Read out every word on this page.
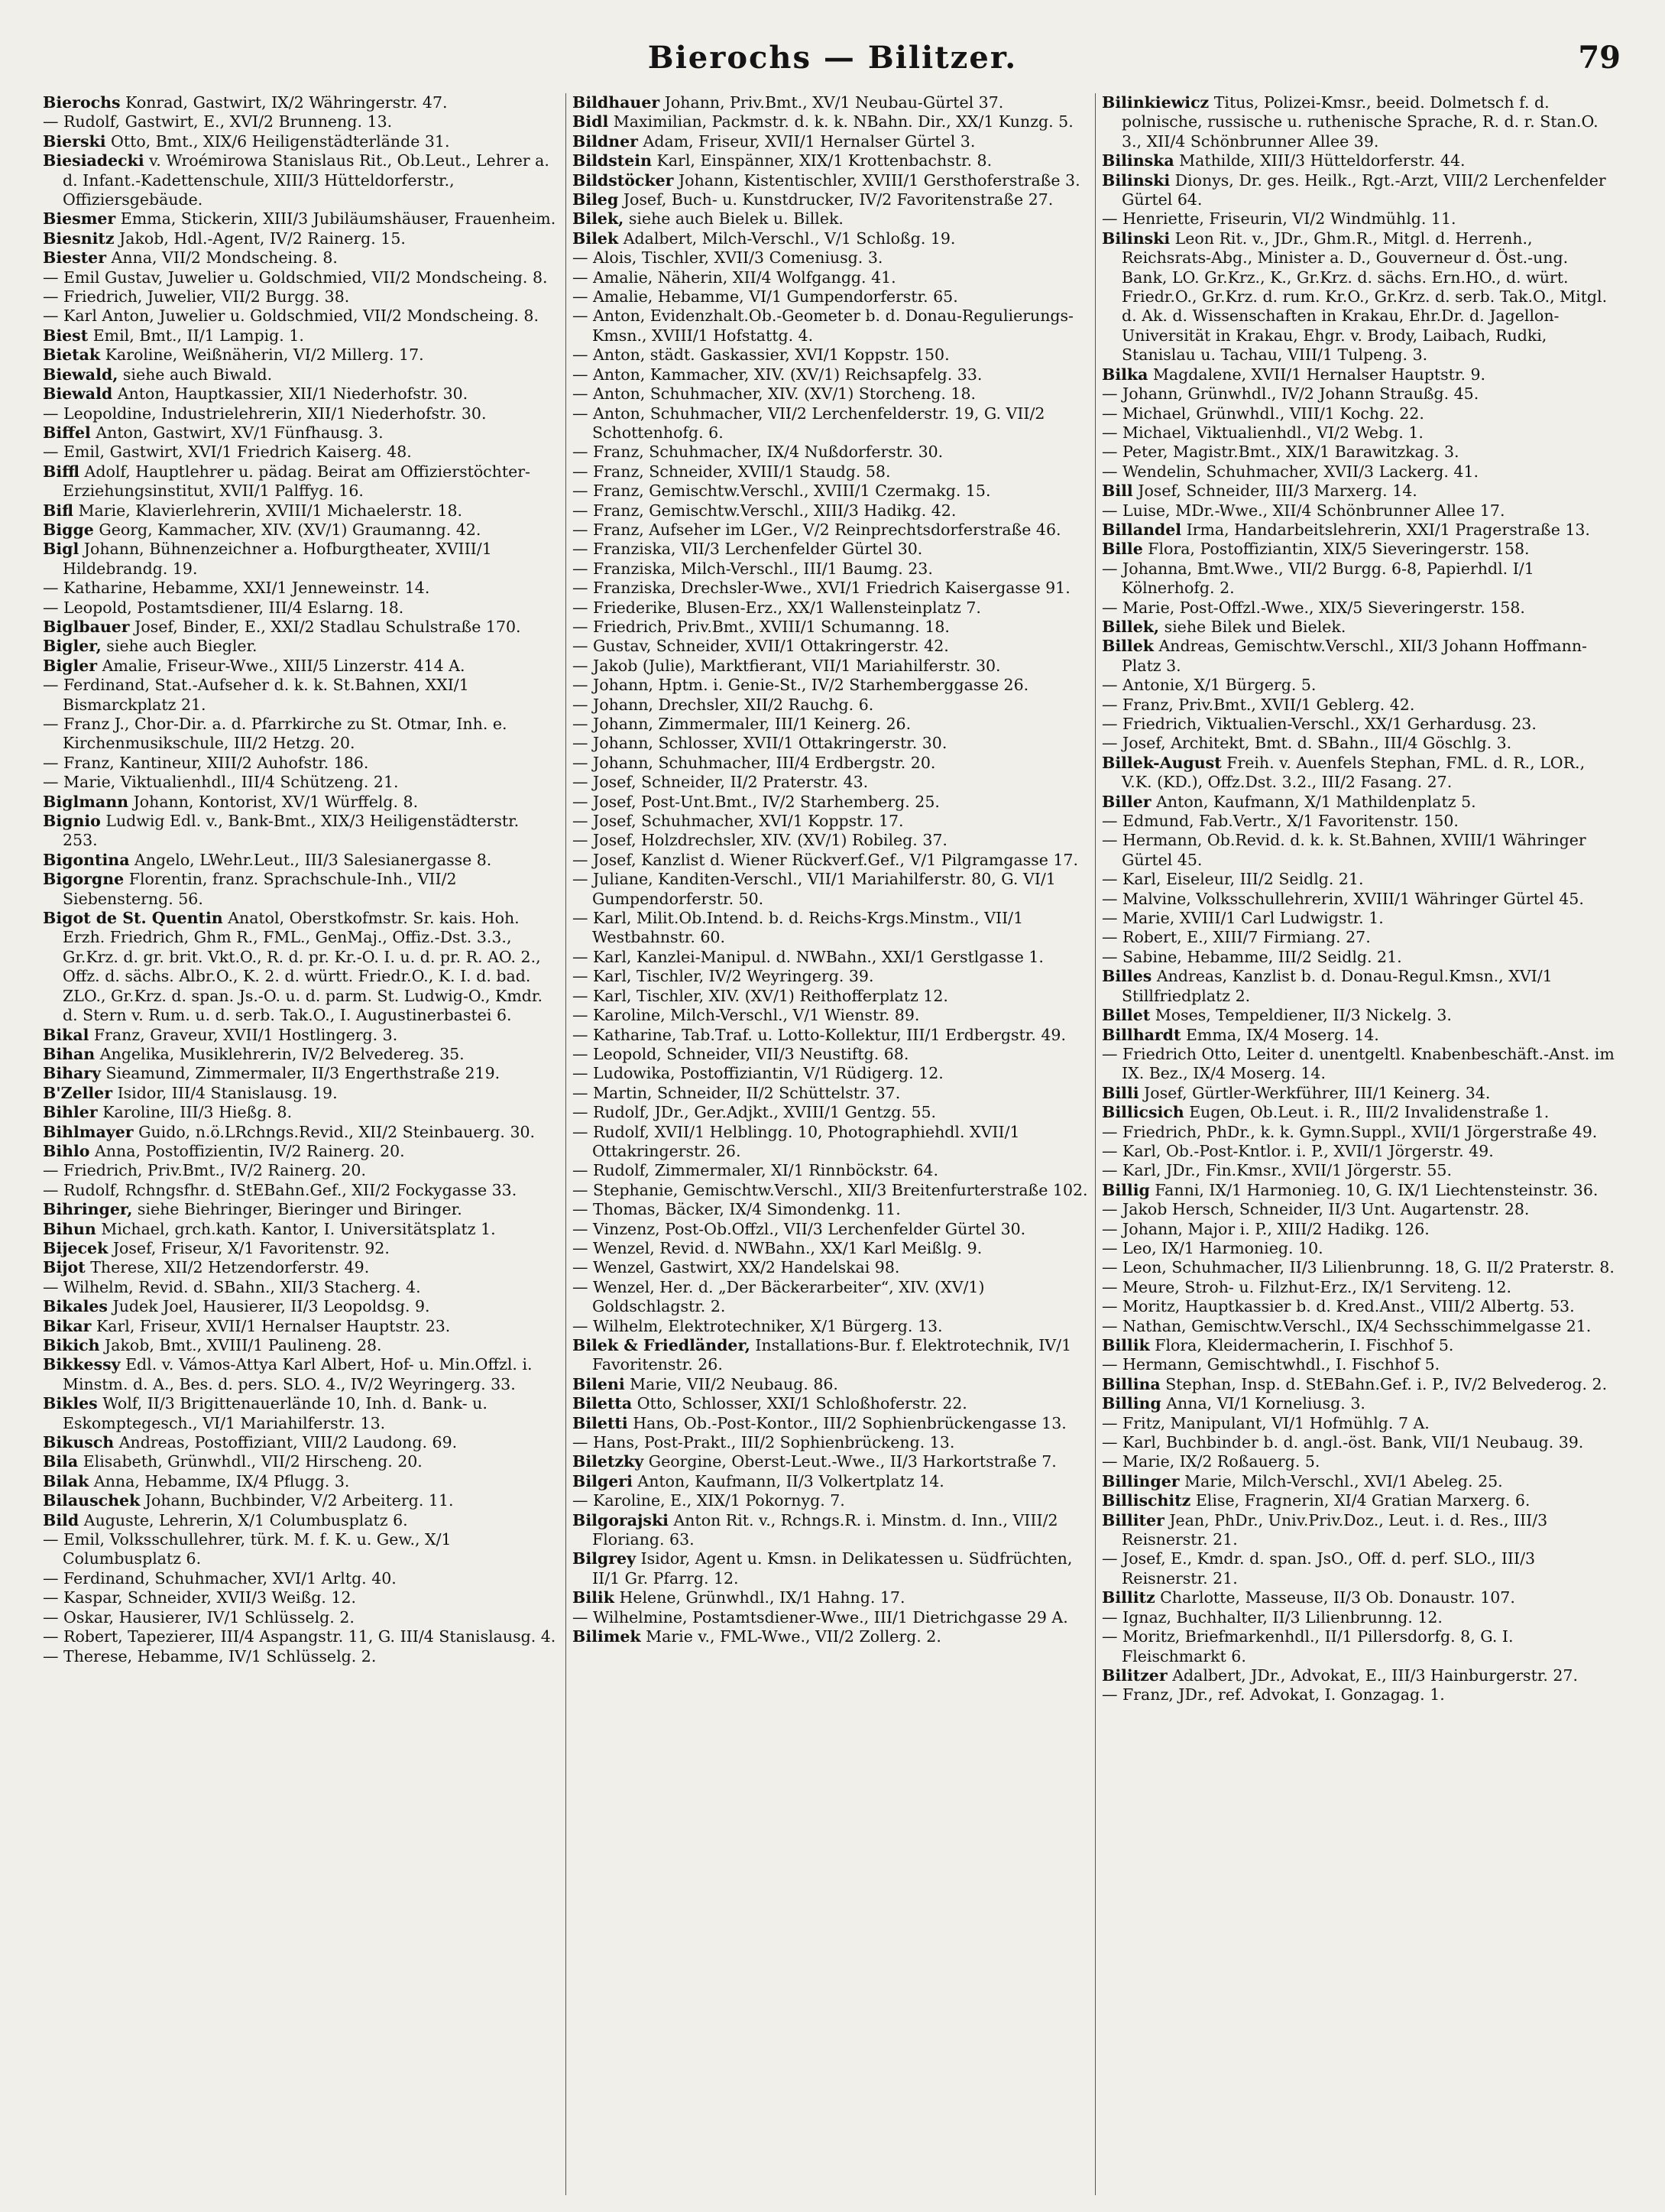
Bierochs — Bilitzer.	79

Bierochs Konrad, Gastwirt, IX/2 Währingerstr. 47.

— Rudolf, Gastwirt, E., XVI/2 Brunneng. 13.

Bierski Otto, Bmt., XIX/6 Heiligenstädterlände 31.

Biesiadecki v. Wroémirowa Stanislaus Rit., Ob.Leut., Lehrer a. d. Infant.-Kadettenschule, XIII/3 Hütteldorferstr., Offiziersgebäude.

Biesmer Emma, Stickerin, XIII/3 Jubiläumshäuser, Frauenheim.

Biesnitz Jakob, Hdl.-Agent, IV/2 Rainerg. 15.

Biester Anna, VII/2 Mondscheing. 8.

— Emil Gustav, Juwelier u. Goldschmied, VII/2 Mondscheing. 8.

— Friedrich, Juwelier, VII/2 Burgg. 38.

— Karl Anton, Juwelier u. Goldschmied, VII/2 Mondscheing. 8.

Biest Emil, Bmt., II/1 Lampig. 1.

Bietak Karoline, Weißnäherin, VI/2 Millerg. 17.

Biewald, siehe auch Biwald.

Biewald Anton, Hauptkassier, XII/1 Niederhofstr. 30.

— Leopoldine, Industrielehrerin, XII/1 Niederhofstr. 30.

Biffel Anton, Gastwirt, XV/1 Fünfhausg. 3.

— Emil, Gastwirt, XVI/1 Friedrich Kaiserg. 48.

Biffl Adolf, Hauptlehrer u. pädag. Beirat am Offizierstöchter-Erziehungsinstitut, XVII/1 Palffyg. 16.

Bifl Marie, Klavierlehrerin, XVIII/1 Michaelerstr. 18.

Bigge Georg, Kammacher, XIV. (XV/1) Graumanng. 42.

Bigl Johann, Bühnenzeichner a. Hofburgtheater, XVIII/1 Hildebrandg. 19.

— Katharine, Hebamme, XXI/1 Jenneweinstr. 14.

— Leopold, Postamtsdiener, III/4 Eslarng. 18.

Biglbauer Josef, Binder, E., XXI/2 Stadlau Schulstraße 170.

Bigler, siehe auch Biegler.

Bigler Amalie, Friseur-Wwe., XIII/5 Linzerstr. 414 A.

— Ferdinand, Stat.-Aufseher d. k. k. St.Bahnen, XXI/1 Bismarckplatz 21.

— Franz J., Chor-Dir. a. d. Pfarrkirche zu St. Otmar, Inh. e. Kirchenmusikschule, III/2 Hetzg. 20.

— Franz, Kantineur, XIII/2 Auhofstr. 186.

— Marie, Viktualienhdl., III/4 Schützeng. 21.

Biglmann Johann, Kontorist, XV/1 Würffelg. 8.

Bignio Ludwig Edl. v., Bank-Bmt., XIX/3 Heiligenstädterstr. 253.

Bigontina Angelo, LWehr.Leut., III/3 Salesianergasse 8.

Bigorgne Florentin, franz. Sprachschule-Inh., VII/2 Siebensterng. 56.

Bigot de St. Quentin Anatol, Oberstkofmstr. Sr. kais. Hoh. Erzh. Friedrich, Ghm R., FML., GenMaj., Offiz.-Dst. 3.3., Gr.Krz. d. gr. brit. Vkt.O., R. d. pr. Kr.-O. I. u. d. pr. R. AO. 2., Offz. d. sächs. Albr.O., K. 2. d. württ. Friedr.O., K. I. d. bad. ZLO., Gr.Krz. d. span. Js.-O. u. d. parm. St. Ludwig-O., Kmdr. d. Stern v. Rum. u. d. serb. Tak.O., I. Augustinerbastei 6.

Bikal Franz, Graveur, XVII/1 Hostlingerg. 3.

Bihan Angelika, Musiklehrerin, IV/2 Belvedereg. 35.

Bihary Sieamund, Zimmermaler, II/3 Engerthstraße 219.

B'Zeller Isidor, III/4 Stanislausg. 19.

Bihler Karoline, III/3 Hießg. 8.

Bihlmayer Guido, n.ö.LRchngs.Revid., XII/2 Steinbauerg. 30.

Bihlo Anna, Postoffizientin, IV/2 Rainerg. 20.

— Friedrich, Priv.Bmt., IV/2 Rainerg. 20.

— Rudolf, Rchngsfhr. d. StEBahn.Gef., XII/2 Fockygasse 33.

Bihringer, siehe Biehringer, Bieringer und Biringer.

Bihun Michael, grch.kath. Kantor, I. Universitätsplatz 1.

Bijecek Josef, Friseur, X/1 Favoritenstr. 92.

Bijot Therese, XII/2 Hetzendorferstr. 49.

— Wilhelm, Revid. d. SBahn., XII/3 Stacherg. 4.

Bikales Judek Joel, Hausierer, II/3 Leopoldsg. 9.

Bikar Karl, Friseur, XVII/1 Hernalser Hauptstr. 23.

Bikich Jakob, Bmt., XVIII/1 Paulineng. 28.

Bikkessy Edl. v. Vámos-Attya Karl Albert, Hof- u. Min.Offzl. i. Minstm. d. A., Bes. d. pers. SLO. 4., IV/2 Weyringerg. 33.

Bikles Wolf, II/3 Brigittenauerlände 10, Inh. d. Bank- u. Eskomptegesch., VI/1 Mariahilferstr. 13.

Bikusch Andreas, Postoffiziant, VIII/2 Laudong. 69.

Bila Elisabeth, Grünwhdl., VII/2 Hirscheng. 20.

Bilak Anna, Hebamme, IX/4 Pflugg. 3.

Bilauschek Johann, Buchbinder, V/2 Arbeiterg. 11.

Bild Auguste, Lehrerin, X/1 Columbusplatz 6.

— Emil, Volksschullehrer, türk. M. f. K. u. Gew., X/1 Columbusplatz 6.

— Ferdinand, Schuhmacher, XVI/1 Arltg. 40.

— Kaspar, Schneider, XVII/3 Weißg. 12.

— Oskar, Hausierer, IV/1 Schlüsselg. 2.

— Robert, Tapezierer, III/4 Aspangstr. 11, G. III/4 Stanislausg. 4.

— Therese, Hebamme, IV/1 Schlüsselg. 2.

Bildhauer Johann, Priv.Bmt., XV/1 Neubau-Gürtel 37.

Bidl Maximilian, Packmstr. d. k. k. NBahn. Dir., XX/1 Kunzg. 5.

Bildner Adam, Friseur, XVII/1 Hernalser Gürtel 3.

Bildstein Karl, Einspänner, XIX/1 Krottenbachstr. 8.

Bildstöcker Johann, Kistentischler, XVIII/1 Gersthoferstraße 3.

Bileg Josef, Buch- u. Kunstdrucker, IV/2 Favoritenstraße 27.

Bilek, siehe auch Bielek u. Billek.

Bilek Adalbert, Milch-Verschl., V/1 Schloßg. 19.

— Alois, Tischler, XVII/3 Comeniusg. 3.

— Amalie, Näherin, XII/4 Wolfgangg. 41.

— Amalie, Hebamme, VI/1 Gumpendorferstr. 65.

— Anton, Evidenzhalt.Ob.-Geometer b. d. Donau-Regulierungs-Kmsn., XVIII/1 Hofstattg. 4.

— Anton, städt. Gaskassier, XVI/1 Koppstr. 150.

— Anton, Kammacher, XIV. (XV/1) Reichsapfelg. 33.

— Anton, Schuhmacher, XIV. (XV/1) Storcheng. 18.

— Anton, Schuhmacher, VII/2 Lerchenfelderstr. 19, G. VII/2 Schottenhofg. 6.

— Franz, Schuhmacher, IX/4 Nußdorferstr. 30.

— Franz, Schneider, XVIII/1 Staudg. 58.

— Franz, Gemischtw.Verschl., XVIII/1 Czermakg. 15.

— Franz, Gemischtw.Verschl., XIII/3 Hadikg. 42.

— Franz, Aufseher im LGer., V/2 Reinprechtsdorferstraße 46.

— Franziska, VII/3 Lerchenfelder Gürtel 30.

— Franziska, Milch-Verschl., III/1 Baumg. 23.

— Franziska, Drechsler-Wwe., XVI/1 Friedrich Kaisergasse 91.

— Friederike, Blusen-Erz., XX/1 Wallensteinplatz 7.

— Friedrich, Priv.Bmt., XVIII/1 Schumanng. 18.

— Gustav, Schneider, XVII/1 Ottakringerstr. 42.

— Jakob (Julie), Marktfierant, VII/1 Mariahilferstr. 30.

— Johann, Hptm. i. Genie-St., IV/2 Starhemberggasse 26.

— Johann, Drechsler, XII/2 Rauchg. 6.

— Johann, Zimmermaler, III/1 Keinerg. 26.

— Johann, Schlosser, XVII/1 Ottakringerstr. 30.

— Johann, Schuhmacher, III/4 Erdbergstr. 20.

— Josef, Schneider, II/2 Praterstr. 43.

— Josef, Post-Unt.Bmt., IV/2 Starhemberg. 25.

— Josef, Schuhmacher, XVI/1 Koppstr. 17.

— Josef, Holzdrechsler, XIV. (XV/1) Robileg. 37.

— Josef, Kanzlist d. Wiener Rückverf.Gef., V/1 Pilgramgasse 17.

— Juliane, Kanditen-Verschl., VII/1 Mariahilferstr. 80, G. VI/1 Gumpendorferstr. 50.

— Karl, Milit.Ob.Intend. b. d. Reichs-Krgs.Minstm., VII/1 Westbahnstr. 60.

— Karl, Kanzlei-Manipul. d. NWBahn., XXI/1 Gerstlgasse 1.

— Karl, Tischler, IV/2 Weyringerg. 39.

— Karl, Tischler, XIV. (XV/1) Reithofferplatz 12.

— Karoline, Milch-Verschl., V/1 Wienstr. 89.

— Katharine, Tab.Traf. u. Lotto-Kollektur, III/1 Erdbergstr. 49.

— Leopold, Schneider, VII/3 Neustiftg. 68.

— Ludowika, Postoffiziantin, V/1 Rüdigerg. 12.

— Martin, Schneider, II/2 Schüttelstr. 37.

— Rudolf, JDr., Ger.Adjkt., XVIII/1 Gentzg. 55.

— Rudolf, XVII/1 Helblingg. 10, Photographiehdl. XVII/1 Ottakringerstr. 26.

— Rudolf, Zimmermaler, XI/1 Rinnböckstr. 64.

— Stephanie, Gemischtw.Verschl., XII/3 Breitenfurterstraße 102.

— Thomas, Bäcker, IX/4 Simondenkg. 11.

— Vinzenz, Post-Ob.Offzl., VII/3 Lerchenfelder Gürtel 30.

— Wenzel, Revid. d. NWBahn., XX/1 Karl Meißlg. 9.

— Wenzel, Gastwirt, XX/2 Handelskai 98.

— Wenzel, Her. d. „Der Bäckerarbeiter“, XIV. (XV/1) Goldschlagstr. 2.

— Wilhelm, Elektrotechniker, X/1 Bürgerg. 13.

Bilek & Friedländer, Installations-Bur. f. Elektrotechnik, IV/1 Favoritenstr. 26.

Bileni Marie, VII/2 Neubaug. 86.

Biletta Otto, Schlosser, XXI/1 Schloßhoferstr. 22.

Biletti Hans, Ob.-Post-Kontor., III/2 Sophienbrückengasse 13.

— Hans, Post-Prakt., III/2 Sophienbrückeng. 13.

Biletzky Georgine, Oberst-Leut.-Wwe., II/3 Harkortstraße 7.

Bilgeri Anton, Kaufmann, II/3 Volkertplatz 14.

— Karoline, E., XIX/1 Pokornyg. 7.

Bilgorajski Anton Rit. v., Rchngs.R. i. Minstm. d. Inn., VIII/2 Floriang. 63.

Bilgrey Isidor, Agent u. Kmsn. in Delikatessen u. Südfrüchten, II/1 Gr. Pfarrg. 12.

Bilik Helene, Grünwhdl., IX/1 Hahng. 17.

— Wilhelmine, Postamtsdiener-Wwe., III/1 Dietrichgasse 29 A.

Bilimek Marie v., FML-Wwe., VII/2 Zollerg. 2.

Bilinkiewicz Titus, Polizei-Kmsr., beeid. Dolmetsch f. d. polnische, russische u. ruthenische Sprache, R. d. r. Stan.O. 3., XII/4 Schönbrunner Allee 39.

Bilinska Mathilde, XIII/3 Hütteldorferstr. 44.

Bilinski Dionys, Dr. ges. Heilk., Rgt.-Arzt, VIII/2 Lerchenfelder Gürtel 64.

— Henriette, Friseurin, VI/2 Windmühlg. 11.

Bilinski Leon Rit. v., JDr., Ghm.R., Mitgl. d. Herrenh., Reichsrats-Abg., Minister a. D., Gouverneur d. Öst.-ung. Bank, LO. Gr.Krz., K., Gr.Krz. d. sächs. Ern.HO., d. würt. Friedr.O., Gr.Krz. d. rum. Kr.O., Gr.Krz. d. serb. Tak.O., Mitgl. d. Ak. d. Wissenschaften in Krakau, Ehr.Dr. d. Jagellon-Universität in Krakau, Ehgr. v. Brody, Laibach, Rudki, Stanislau u. Tachau, VIII/1 Tulpeng. 3.

Bilka Magdalene, XVII/1 Hernalser Hauptstr. 9.

— Johann, Grünwhdl., IV/2 Johann Straußg. 45.

— Michael, Grünwhdl., VIII/1 Kochg. 22.

— Michael, Viktualienhdl., VI/2 Webg. 1.

— Peter, Magistr.Bmt., XIX/1 Barawitzkag. 3.

— Wendelin, Schuhmacher, XVII/3 Lackerg. 41.

Bill Josef, Schneider, III/3 Marxerg. 14.

— Luise, MDr.-Wwe., XII/4 Schönbrunner Allee 17.

Billandel Irma, Handarbeitslehrerin, XXI/1 Pragerstraße 13.

Bille Flora, Postoffiziantin, XIX/5 Sieveringerstr. 158.

— Johanna, Bmt.Wwe., VII/2 Burgg. 6-8, Papierhdl. I/1 Kölnerhofg. 2.

— Marie, Post-Offzl.-Wwe., XIX/5 Sieveringerstr. 158.

Billek, siehe Bilek und Bielek.

Billek Andreas, Gemischtw.Verschl., XII/3 Johann Hoffmann-Platz 3.

— Antonie, X/1 Bürgerg. 5.

— Franz, Priv.Bmt., XVII/1 Geblerg. 42.

— Friedrich, Viktualien-Verschl., XX/1 Gerhardusg. 23.

— Josef, Architekt, Bmt. d. SBahn., III/4 Göschlg. 3.

Billek-August Freih. v. Auenfels Stephan, FML. d. R., LOR., V.K. (KD.), Offz.Dst. 3.2., III/2 Fasang. 27.

Biller Anton, Kaufmann, X/1 Mathildenplatz 5.

— Edmund, Fab.Vertr., X/1 Favoritenstr. 150.

— Hermann, Ob.Revid. d. k. k. St.Bahnen, XVIII/1 Währinger Gürtel 45.

— Karl, Eiseleur, III/2 Seidlg. 21.

— Malvine, Volksschullehrerin, XVIII/1 Währinger Gürtel 45.

— Marie, XVIII/1 Carl Ludwigstr. 1.

— Robert, E., XIII/7 Firmiang. 27.

— Sabine, Hebamme, III/2 Seidlg. 21.

Billes Andreas, Kanzlist b. d. Donau-Regul.Kmsn., XVI/1 Stillfriedplatz 2.

Billet Moses, Tempeldiener, II/3 Nickelg. 3.

Billhardt Emma, IX/4 Moserg. 14.

— Friedrich Otto, Leiter d. unentgeltl. Knabenbeschäft.-Anst. im IX. Bez., IX/4 Moserg. 14.

Billi Josef, Gürtler-Werkführer, III/1 Keinerg. 34.

Billicsich Eugen, Ob.Leut. i. R., III/2 Invalidenstraße 1.

— Friedrich, PhDr., k. k. Gymn.Suppl., XVII/1 Jörgerstraße 49.

— Karl, Ob.-Post-Kntlor. i. P., XVII/1 Jörgerstr. 49.

— Karl, JDr., Fin.Kmsr., XVII/1 Jörgerstr. 55.

Billig Fanni, IX/1 Harmonieg. 10, G. IX/1 Liechtensteinstr. 36.

— Jakob Hersch, Schneider, II/3 Unt. Augartenstr. 28.

— Johann, Major i. P., XIII/2 Hadikg. 126.

— Leo, IX/1 Harmonieg. 10.

— Leon, Schuhmacher, II/3 Lilienbrunng. 18, G. II/2 Praterstr. 8.

— Meure, Stroh- u. Filzhut-Erz., IX/1 Serviteng. 12.

— Moritz, Hauptkassier b. d. Kred.Anst., VIII/2 Albertg. 53.

— Nathan, Gemischtw.Verschl., IX/4 Sechsschimmelgasse 21.

Billik Flora, Kleidermacherin, I. Fischhof 5.

— Hermann, Gemischtwhdl., I. Fischhof 5.

Billina Stephan, Insp. d. StEBahn.Gef. i. P., IV/2 Belvederog. 2.

Billing Anna, VI/1 Korneliusg. 3.

— Fritz, Manipulant, VI/1 Hofmühlg. 7 A.

— Karl, Buchbinder b. d. angl.-öst. Bank, VII/1 Neubaug. 39.

— Marie, IX/2 Roßauerg. 5.

Billinger Marie, Milch-Verschl., XVI/1 Abeleg. 25.

Billischitz Elise, Fragnerin, XI/4 Gratian Marxerg. 6.

Billiter Jean, PhDr., Univ.Priv.Doz., Leut. i. d. Res., III/3 Reisnerstr. 21.

— Josef, E., Kmdr. d. span. JsO., Off. d. perf. SLO., III/3 Reisnerstr. 21.

Billitz Charlotte, Masseuse, II/3 Ob. Donaustr. 107.

— Ignaz, Buchhalter, II/3 Lilienbrunng. 12.

— Moritz, Briefmarkenhdl., II/1 Pillersdorfg. 8, G. I. Fleischmarkt 6.

Bilitzer Adalbert, JDr., Advokat, E., III/3 Hainburgerstr. 27.

— Franz, JDr., ref. Advokat, I. Gonzagag. 1.
